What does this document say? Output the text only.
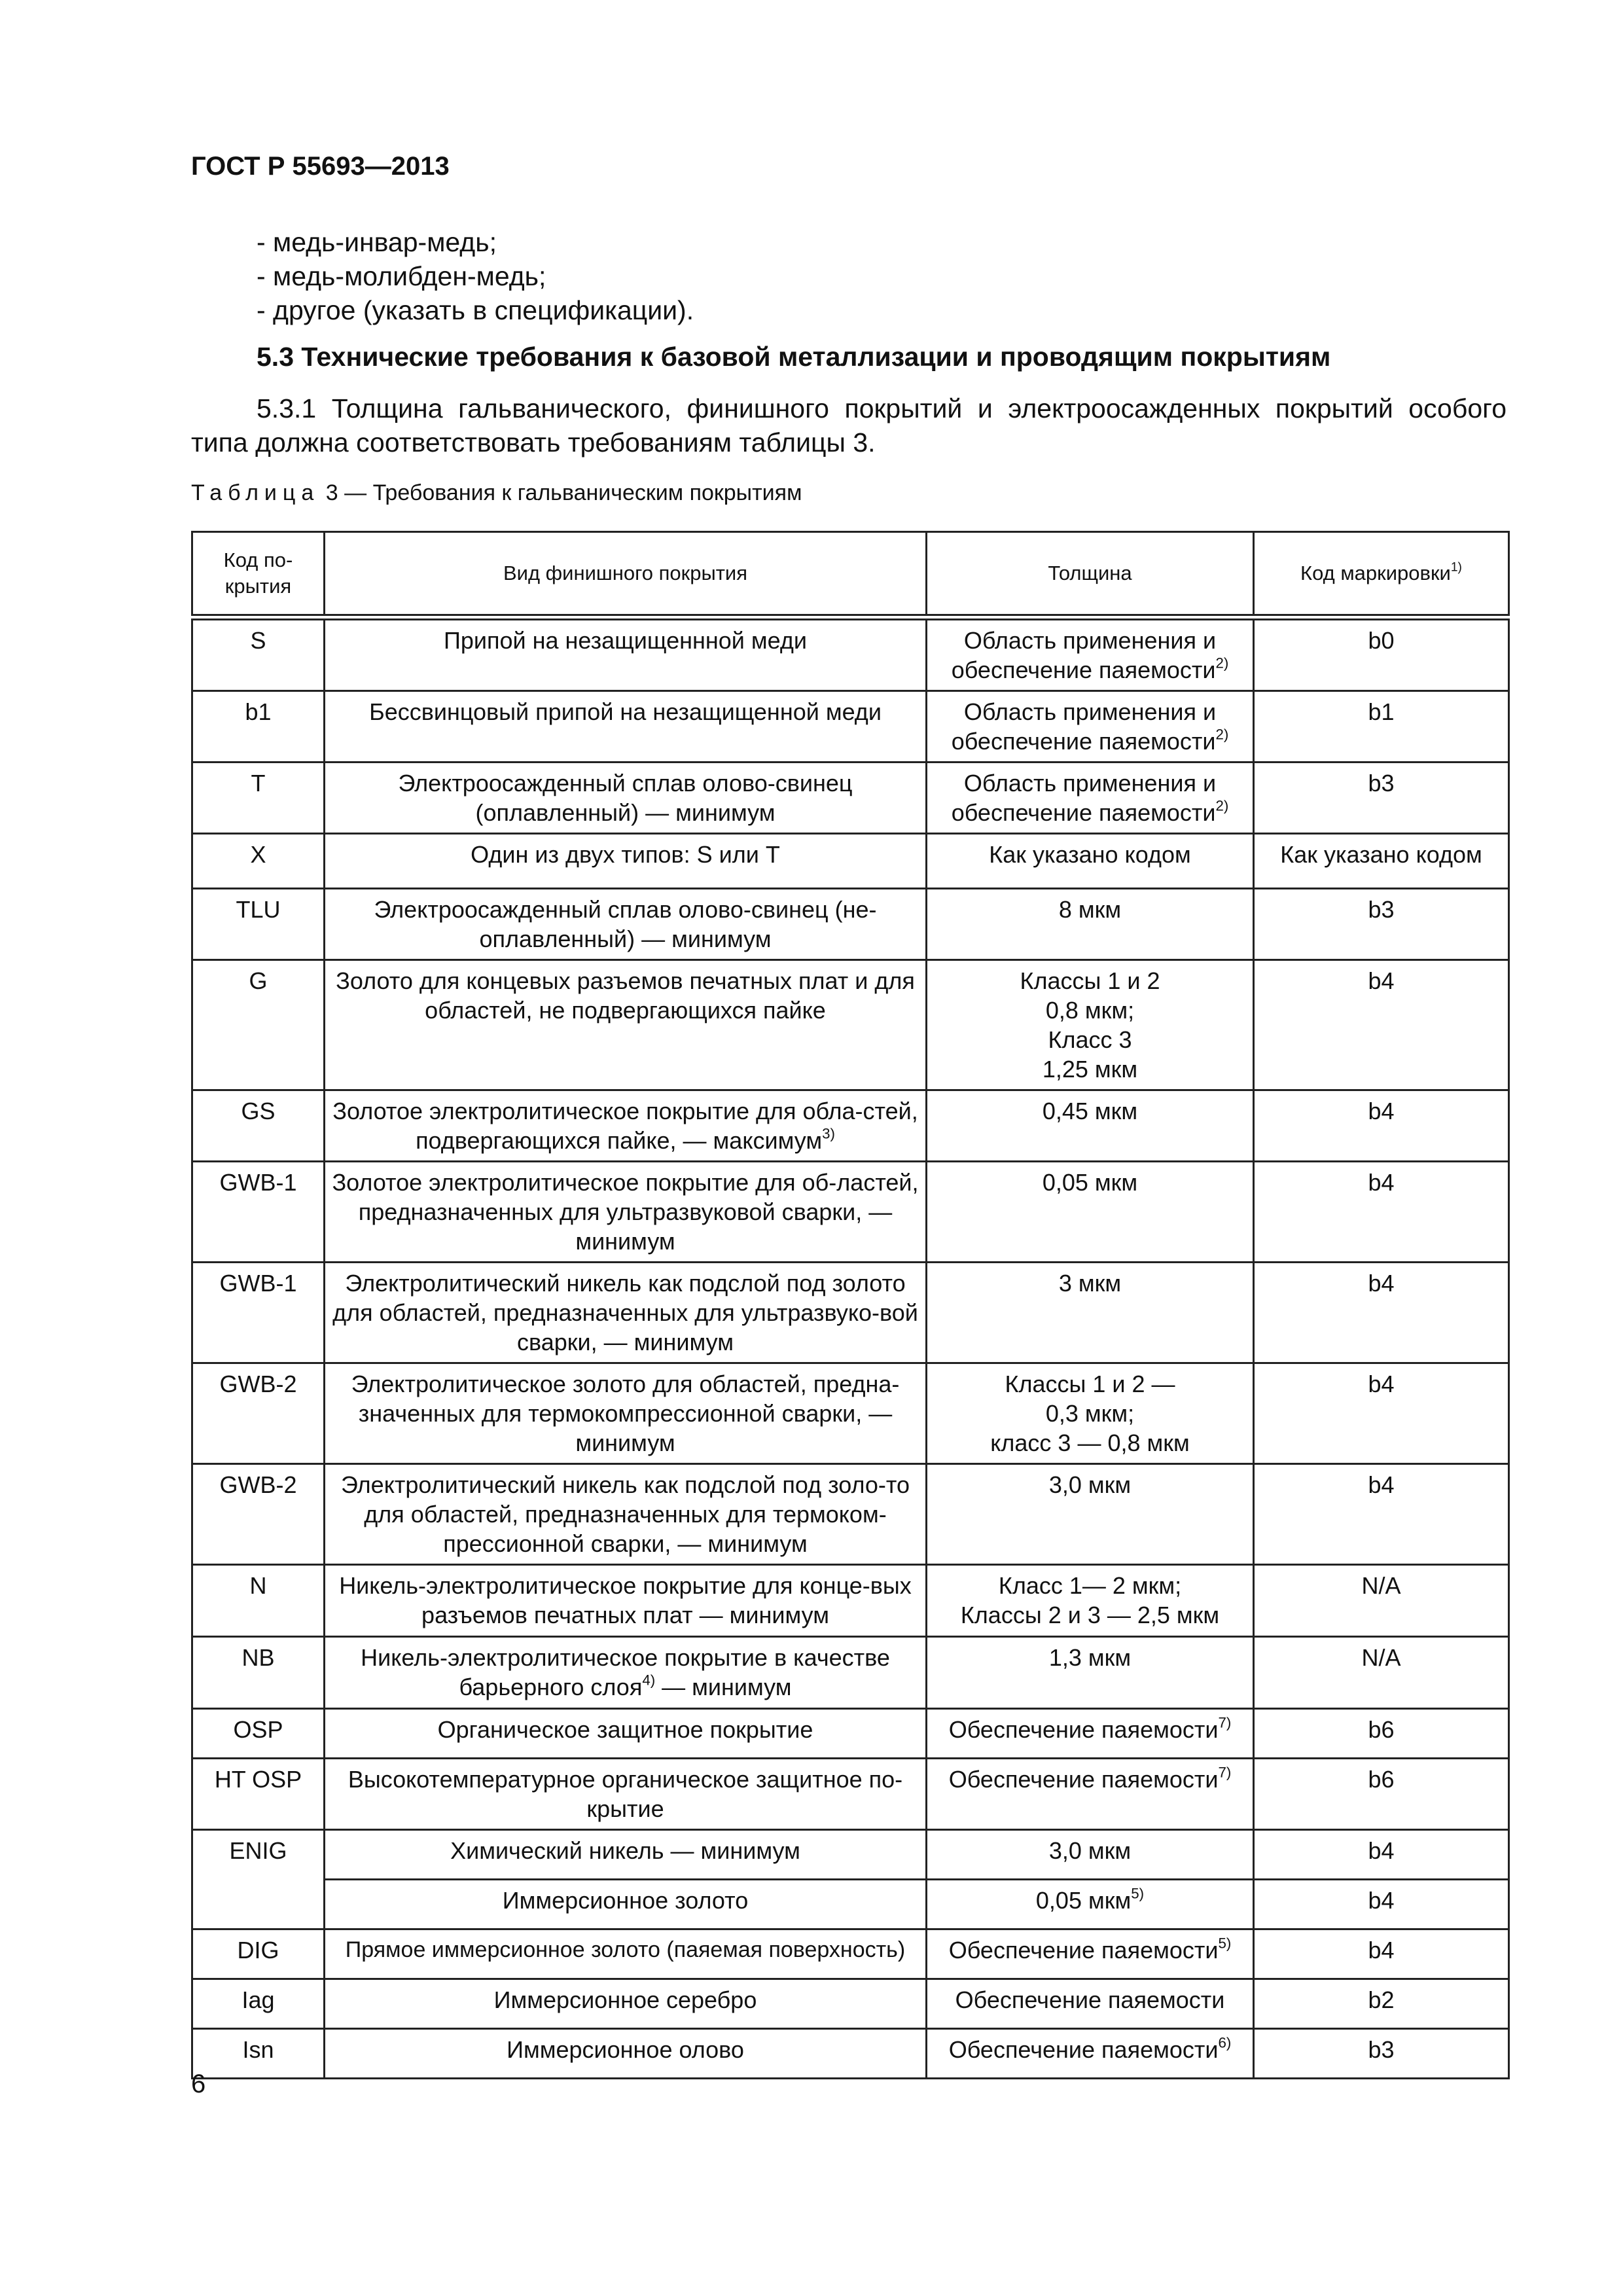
ГОСТ Р 55693—2013
- медь-инвар-медь;
- медь-молибден-медь;
- другое (указать в спецификации).
5.3 Технические требования к базовой металлизации и проводящим покрытиям
5.3.1 Толщина гальванического, финишного покрытий и электроосажденных покрытий особого типа должна соответствовать требованиям таблицы 3.
Таблица 3 — Требования к гальваническим покрытиям
Код по-крытия	Вид финишного покрытия	Толщина	Код маркировки$^{1)}$
S	Припой на незащищенннoй меди	Область применения и обеспечение паяемости$^{2)}$	b0
b1	Бессвинцовый припой на незащищенной меди	Область применения и обеспечение паяемости$^{2)}$	b1
T	Электроосажденный сплав олово-свинец (оплавленный) — минимум	Область применения и обеспечение паяемости$^{2)}$	b3
X	Один из двух типов: S или T	Как указано кодом	Как указано кодом
TLU	Электроосажденный сплав олово-свинец (не-оплавленный) — минимум	8 мкм	b3
G	Золото для концевых разъемов печатных плат и для областей, не подвергающихся пайке	Классы 1 и 2
0,8 мкм;
Класс 3
1,25 мкм	b4
GS	Золотое электролитическое покрытие для обла-стей, подвергающихся пайке, — максимум$^{3)}$	0,45 мкм	b4
GWB-1	Золотое электролитическое покрытие для об-ластей, предназначенных для ультразвуковой сварки, — минимум	0,05 мкм	b4
GWB-1	Электролитический никель как подслой под золото для областей, предназначенных для ультразвуко-вой сварки, — минимум	3 мкм	b4
GWB-2	Электролитическое золото для областей, предна-значенных для термокомпрессионной сварки, — минимум	Классы 1 и 2 —
0,3 мкм;
класс 3 — 0,8 мкм	b4
GWB-2	Электролитический никель как подслой под золо-то для областей, предназначенных для термоком-прессионной сварки, — минимум	3,0 мкм	b4
N	Никель-электролитическое покрытие для конце-вых разъемов печатных плат — минимум	Класс 1— 2 мкм;
Классы 2 и 3 — 2,5 мкм	N/A
NB	Никель-электролитическое покрытие в качестве барьерного слоя$^{4)}$ — минимум	1,3 мкм	N/A
OSP	Органическое защитное покрытие	Обеспечение паяемости$^{7)}$	b6
HT OSP	Высокотемпературное органическое защитное по-крытие	Обеспечение паяемости$^{7)}$	b6
ENIG	Химический никель — минимум	3,0 мкм	b4
	Иммерсионное золото	0,05 мкм$^{5)}$	b4
DIG	Прямое иммерсионное золото (паяемая поверхность)	Обеспечение паяемости$^{5)}$	b4
Iag	Иммерсионное серебро	Обеспечение паяемости	b2
Isn	Иммерсионное олово	Обеспечение паяемости$^{6)}$	b3
6
